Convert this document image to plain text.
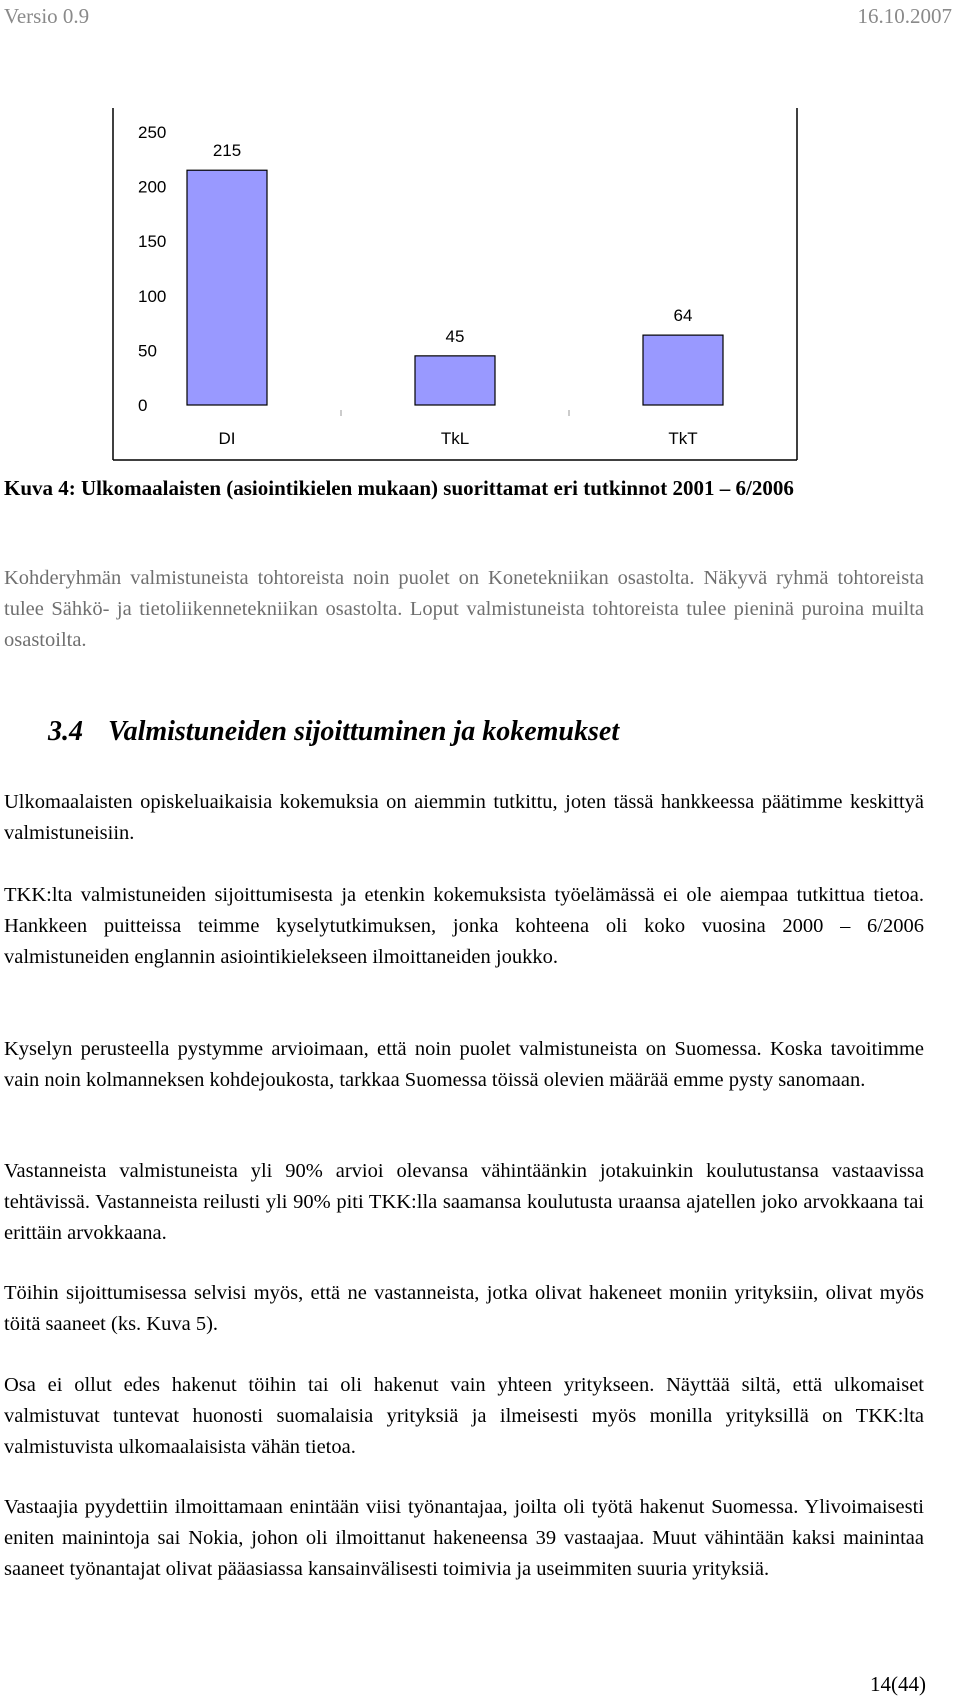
Versio 0.9	16.10.2007
0
50
100
150
200
250
215
45
64
DI	TkL	TkT

Kuva 4: Ulkomaalaisten (asiointikielen mukaan) suorittamat eri tutkinnot 2001 – 6/2006

Kohderyhmän valmistuneista tohtoreista noin puolet on Konetekniikan osastolta. Näkyvä ryhmä tohtoreista tulee Sähkö- ja tietoliikennetekniikan osastolta. Loput valmistuneista tohtoreista tulee pieninä puroina muilta osastoilta.

3.4 Valmistuneiden sijoittuminen ja kokemukset

Ulkomaalaisten opiskeluaikaisia kokemuksia on aiemmin tutkittu, joten tässä hankkeessa päätimme keskittyä valmistuneisiin.

TKK:lta valmistuneiden sijoittumisesta ja etenkin kokemuksista työelämässä ei ole aiempaa tutkittua tietoa. Hankkeen puitteissa teimme kyselytutkimuksen, jonka kohteena oli koko vuosina 2000 – 6/2006 valmistuneiden englannin asiointikielekseen ilmoittaneiden joukko.

Kyselyn perusteella pystymme arvioimaan, että noin puolet valmistuneista on Suomessa. Koska tavoitimme vain noin kolmanneksen kohdejoukosta, tarkkaa Suomessa töissä olevien määrää emme pysty sanomaan.

Vastanneista valmistuneista yli 90% arvioi olevansa vähintäänkin jotakuinkin koulutustansa vastaavissa tehtävissä. Vastanneista reilusti yli 90% piti TKK:lla saamansa koulutusta uraansa ajatellen joko arvokkaana tai erittäin arvokkaana.

Töihin sijoittumisessa selvisi myös, että ne vastanneista, jotka olivat hakeneet moniin yrityksiin, olivat myös töitä saaneet (ks. Kuva 5).

Osa ei ollut edes hakenut töihin tai oli hakenut vain yhteen yritykseen. Näyttää siltä, että ulkomaiset valmistuvat tuntevat huonosti suomalaisia yrityksiä ja ilmeisesti myös monilla yrityksillä on TKK:lta valmistuvista ulkomaalaisista vähän tietoa.

Vastaajia pyydettiin ilmoittamaan enintään viisi työnantajaa, joilta oli työtä hakenut Suomessa. Ylivoimaisesti eniten mainintoja sai Nokia, johon oli ilmoittanut hakeneensa 39 vastaajaa. Muut vähintään kaksi mainintaa saaneet työnantajat olivat pääasiassa kansainvälisesti toimivia ja useimmiten suuria yrityksiä.

14(44)
